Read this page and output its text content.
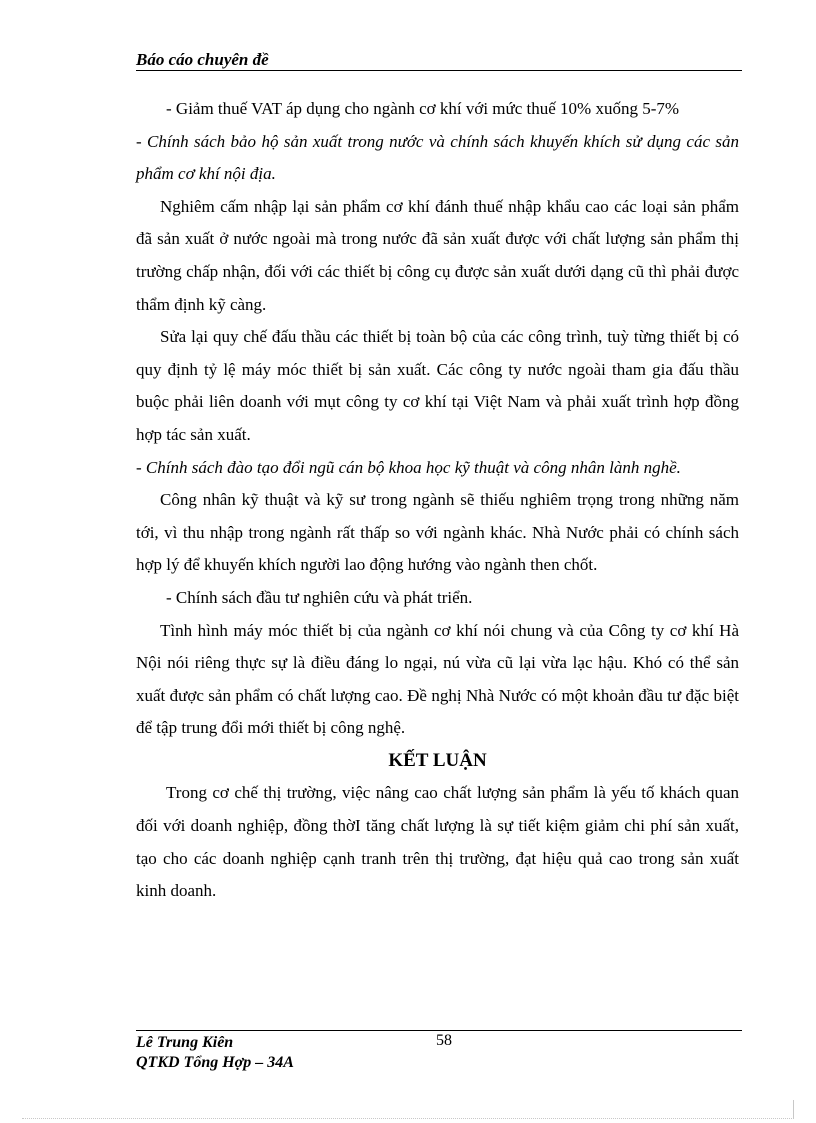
Báo cáo chuyên đề

- Giảm thuế VAT áp dụng cho ngành cơ khí với mức thuế 10% xuống 5-7%

- Chính sách bảo hộ sản xuất trong nước và chính sách khuyến khích sử dụng các sản phẩm cơ khí nội địa.

Nghiêm cấm nhập lại sản phẩm cơ khí đánh thuế nhập khẩu cao các loại sản phẩm đã sản xuất ở nước ngoài mà trong nước đã sản xuất được với chất lượng sản phẩm thị trường chấp nhận, đối với các thiết bị công cụ được sản xuất dưới dạng cũ thì phải được thẩm định kỹ càng.

Sửa lại quy chế đấu thầu các thiết bị toàn bộ của các công trình, tuỳ từng thiết bị có quy định tỷ lệ máy móc thiết bị sản xuất. Các công ty nước ngoài tham gia đấu thầu buộc phải liên doanh với mụt công ty cơ khí tại Việt Nam và phải xuất trình hợp đồng hợp tác sản xuất.

- Chính sách đào tạo đổi ngũ cán bộ khoa học kỹ thuật và công nhân lành nghề.

Công nhân kỹ thuật và kỹ sư trong ngành sẽ thiếu nghiêm trọng trong những năm tới, vì thu nhập trong ngành rất thấp so với ngành khác. Nhà Nước phải có chính sách hợp lý để khuyến khích người lao động hướng vào ngành then chốt.

- Chính sách đầu tư nghiên cứu và phát triển.

Tình hình máy móc thiết bị của ngành cơ khí nói chung và của Công ty cơ khí Hà Nội nói riêng thực sự là điều đáng lo ngại, nú vừa cũ lại vừa lạc hậu. Khó có thể sản xuất được sản phẩm có chất lượng cao. Đề nghị Nhà Nước có một khoản đầu tư đặc biệt để tập trung đổi mới thiết bị công nghệ.

KẾT LUẬN

Trong cơ chế thị trường, việc nâng cao chất lượng sản phẩm là yếu tố khách quan đối với doanh nghiệp, đồng thờI tăng chất lượng là sự tiết kiệm giảm chi phí sản xuất, tạo cho các doanh nghiệp cạnh tranh trên thị trường, đạt hiệu quả cao trong sản xuất kinh doanh.

Lê Trung Kiên	58
QTKD Tổng Hợp – 34A
